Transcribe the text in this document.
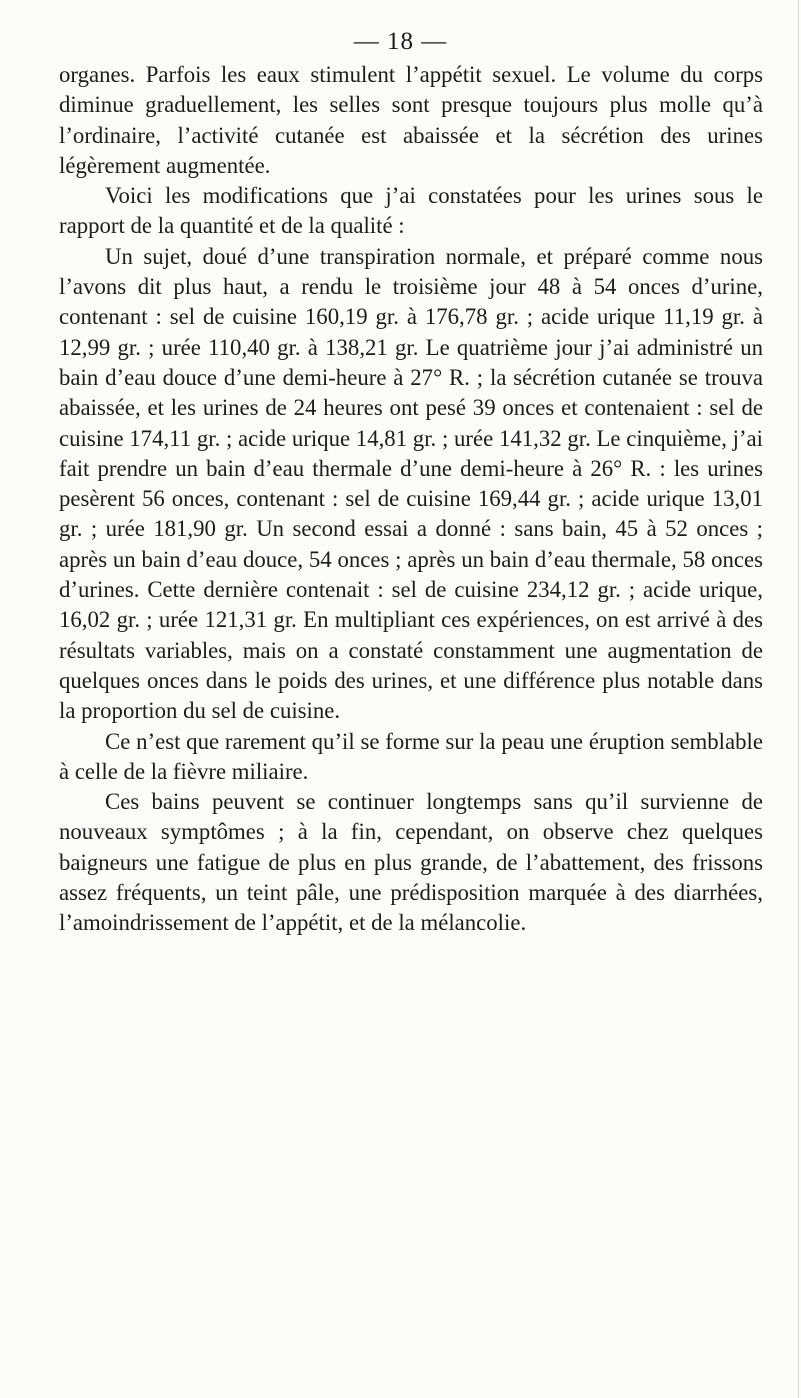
— 18 —

organes. Parfois les eaux stimulent l’appétit sexuel. Le volume du corps diminue graduellement, les selles sont presque toujours plus molle qu’à l’ordinaire, l’activité cutanée est abaissée et la sécrétion des urines légèrement augmentée.

Voici les modifications que j’ai constatées pour les urines sous le rapport de la quantité et de la qualité :

Un sujet, doué d’une transpiration normale, et préparé comme nous l’avons dit plus haut, a rendu le troisième jour 48 à 54 onces d’urine, contenant : sel de cuisine 160,19 gr. à 176,78 gr. ; acide urique 11,19 gr. à 12,99 gr. ; urée 110,40 gr. à 138,21 gr. Le quatrième jour j’ai administré un bain d’eau douce d’une demi-heure à 27° R. ; la sécrétion cutanée se trouva abaissée, et les urines de 24 heures ont pesé 39 onces et contenaient : sel de cuisine 174,11 gr. ; acide urique 14,81 gr. ; urée 141,32 gr. Le cinquième, j’ai fait prendre un bain d’eau thermale d’une demi-heure à 26° R. : les urines pesèrent 56 onces, contenant : sel de cuisine 169,44 gr. ; acide urique 13,01 gr. ; urée 181,90 gr. Un second essai a donné : sans bain, 45 à 52 onces ; après un bain d’eau douce, 54 onces ; après un bain d’eau thermale, 58 onces d’urines. Cette dernière contenait : sel de cuisine 234,12 gr. ; acide urique, 16,02 gr. ; urée 121,31 gr. En multipliant ces expériences, on est arrivé à des résultats variables, mais on a constaté constamment une augmentation de quelques onces dans le poids des urines, et une différence plus notable dans la proportion du sel de cuisine.

Ce n’est que rarement qu’il se forme sur la peau une éruption semblable à celle de la fièvre miliaire.

Ces bains peuvent se continuer longtemps sans qu’il survienne de nouveaux symptômes ; à la fin, cependant, on observe chez quelques baigneurs une fatigue de plus en plus grande, de l’abattement, des frissons assez fréquents, un teint pâle, une prédisposition marquée à des diarrhées, l’amoindrissement de l’appétit, et de la mélancolie.
